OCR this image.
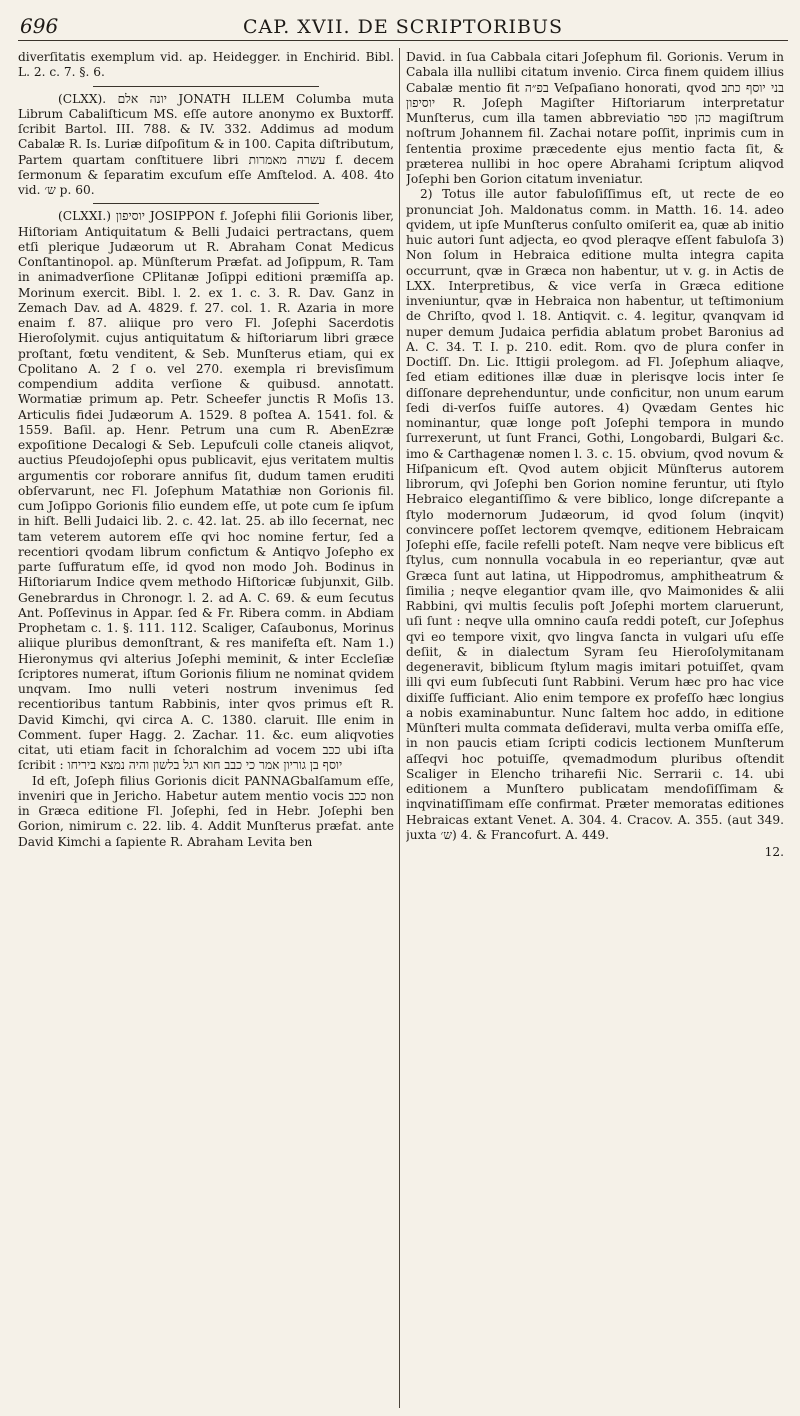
696	CAP. XVII. DE SCRIPTORIBUS

diverſitatis exemplum vid. ap. Heidegger. in Enchirid. Bibl. L. 2. c. 7. §. 6.

(CLXX). יונה אלם JONATH ILLEM Columba muta Librum Cabaliſticum MS. eſſe autore anonymo ex Buxtorff. ſcribit Bartol. III. 788. & IV. 332. Addimus ad modum Cabalæ R. Is. Luriæ diſpoſitum & in 100. Capita diſtributum, Partem quartam conſtituere libri עשרה מאמרות f. decem ſermonum & ſeparatim excuſum eſſe Amſtelod. A. 408. 4to vid. ש׳ p. 60.

(CLXXI.) יוסיפון JOSIPPON f. Joſephi filii Gorionis liber, Hiſtoriam Antiquitatum & Belli Judaici pertractans, quem etſi plerique Judæorum ut R. Abraham Conat Medicus Conſtantinopol. ap. Münſterum Præfat. ad Joſippum, R. Tam in animadverſione CPlitanæ Joſippi editioni præmiſſa ap. Morinum exercit. Bibl. l. 2. ex 1. c. 3. R. Dav. Ganz in Zemach Dav. ad A. 4829. f. 27. col. 1. R. Azaria in more enaim f. 87. aliique pro vero Fl. Joſephi Sacerdotis Hieroſolymit. cujus antiquitatum & hiſtoriarum libri græce proſtant, fœtu venditent, & Seb. Munſterus etiam, qui ex Cpolitano A. 2 ſ o. vel 270. exempla ri brevisſimum compendium addita verſione & quibusd. annotatt. Wormatiæ primum ap. Petr. Scheefer junctis R Moſis 13. Articulis fidei Judæorum A. 1529. 8 poſtea A. 1541. fol. & 1559. Baſil. ap. Henr. Petrum una cum R. AbenEzræ expoſitione Decalogi & Seb. Lepufculi colle ctaneis aliqvot, auctius Pſeudojoſephi opus publicavit, ejus veritatem multis argumentis cor roborare annifus ſit, dudum tamen eruditi obſervarunt, nec Fl. Joſephum Matathiæ non Gorionis fil. cum Joſippo Gorionis filio eundem eſſe, ut pote cum ſe ipſum in hiſt. Belli Judaici lib. 2. c. 42. lat. 25. ab illo ſecernat, nec tam veterem autorem eſſe qvi hoc nomine fertur, ſed a recentiori qvodam librum confictum & Antiqvo Joſepho ex parte ſuffuratum eſſe, id qvod non modo Joh. Bodinus in Hiſtoriarum Indice qvem methodo Hiſtoricæ ſubjunxit, Gilb. Genebrardus in Chronogr. l. 2. ad A. C. 69. & eum ſecutus Ant. Poſſevinus in Appar. ſed & Fr. Ribera comm. in Abdiam Prophetam c. 1. §. 111. 112. Scaliger, Caſaubonus, Morinus aliique pluribus demonſtrant, & res manifeſta eſt. Nam 1.) Hieronymus qvi alterius Joſephi meminit, & inter Eccleſiæ ſcriptores numerat, iſtum Gorionis filium ne nominat qvidem unqvam. Imo nulli veteri nostrum invenimus ſed recentioribus tantum Rabbinis, inter qvos primus eſt R. David Kimchi, qvi circa A. C. 1380. claruit. Ille enim in Comment. ſuper Hagg. 2. Zachar. 11. &c. eum aliqvoties citat, uti etiam facit in ſchoralchim ad vocem ככב ubi iſta ſcribit : יוסף בן גוריון אמר כי כבב חוא רגל בלשון והיה נמצא ביריחו

Id eſt, Joſeph filius Gorionis dicit PANNAGbalſamum eſſe, inveniri que in Jericho. Habetur autem mentio vocis ככב non in Græca editione Fl. Joſephi, ſed in Hebr. Joſephi ben Gorion, nimirum c. 22. lib. 4. Addit Munſterus præfat. ante David Kimchi a ſapiente R. Abraham Levita ben

David. in ſua Cabbala citari Joſephum fil. Gorionis. Verum in Cabala illa nullibi citatum invenio. Circa finem quidem illius Cabalæ mentio fit בפ״ה Veſpaſiano honorati, qvod בני יוסף כתב יוסיפון R. Joſeph Magiſter Hiſtoriarum interpretatur Munſterus, cum illa tamen abbreviatio כהן ספר magiſtrum noſtrum Johannem fil. Zachai notare poſſit, inprimis cum in ſententia proxime præcedente ejus mentio facta ſit, & præterea nullibi in hoc opere Abrahami ſcriptum aliqvod Joſephi ben Gorion citatum inveniatur.

2) Totus ille autor fabuloſiſſimus eſt, ut recte de eo pronunciat Joh. Maldonatus comm. in Matth. 16. 14. adeo qvidem, ut ipſe Munſterus conſulto omiſerit ea, quæ ab initio huic autori ſunt adjecta, eo qvod pleraqve eſſent fabuloſa 3) Non ſolum in Hebraica editione multa integra capita occurrunt, qvæ in Græca non habentur, ut v. g. in Actis de LXX. Interpretibus, & vice verſa in Græca editione inveniuntur, qvæ in Hebraica non habentur, ut teſtimonium de Chriſto, qvod l. 18. Antiqvit. c. 4. legitur, qvanqvam id nuper demum Judaica perfidia ablatum probet Baronius ad A. C. 34. T. I. p. 210. edit. Rom. qvo de plura confer in Doctiſſ. Dn. Lic. Ittigii prolegom. ad Fl. Joſephum aliaqve, ſed etiam editiones illæ duæ in plerisqve locis inter ſe diſſonare deprehenduntur, unde conficitur, non unum earum ſedi di-verſos fuiſſe autores. 4) Qvædam Gentes hic nominantur, quæ longe poſt Joſephi tempora in mundo ſurrexerunt, ut ſunt Franci, Gothi, Longobardi, Bulgari &c. imo & Carthagenæ nomen l. 3. c. 15. obvium, qvod novum & Hiſpanicum eſt. Qvod autem objicit Münſterus autorem librorum, qvi Joſephi ben Gorion nomine feruntur, uti ſtylo Hebraico elegantiſſimo & vere biblico, longe diſcrepante a ſtylo modernorum Judæorum, id qvod ſolum (inqvit) convincere poſſet lectorem qvemqve, editionem Hebraicam Joſephi eſſe, facile refelli poteſt. Nam neqve vere biblicus eſt ſtylus, cum nonnulla vocabula in eo reperiantur, qvæ aut Græca ſunt aut latina, ut Hippodromus, amphitheatrum & ſimilia ; neqve elegantior qvam ille, qvo Maimonides & alii Rabbini, qvi multis ſeculis poſt Joſephi mortem claruerunt, uſi ſunt : neqve ulla omnino cauſa reddi poteſt, cur Joſephus qvi eo tempore vixit, qvo lingva ſancta in vulgari uſu eſſe deſiit, & in dialectum Syram ſeu Hieroſolymitanam degeneravit, biblicum ſtylum magis imitari potuiſſet, qvam illi qvi eum ſubſecuti ſunt Rabbini. Verum hæc pro hac vice dixiſſe ſufficiant. Alio enim tempore ex profeſſo hæc longius a nobis examinabuntur. Nunc ſaltem hoc addo, in editione Münſteri multa commata deſideravi, multa verba omiſſa eſſe, in non paucis etiam ſcripti codicis lectionem Munſterum aſſeqvi hoc potuiſſe, qvemadmodum pluribus oſtendit Scaliger in Elencho triharefii Nic. Serrarii c. 14. ubi editionem a Munſtero publicatam mendoſiſſimam & inqvinatiſſimam eſſe confirmat. Præter memoratas editiones Hebraicas extant Venet. A. 304. 4. Cracov. A. 355. (aut 349. juxta ש׳) 4. & Francofurt. A. 449.

12.
